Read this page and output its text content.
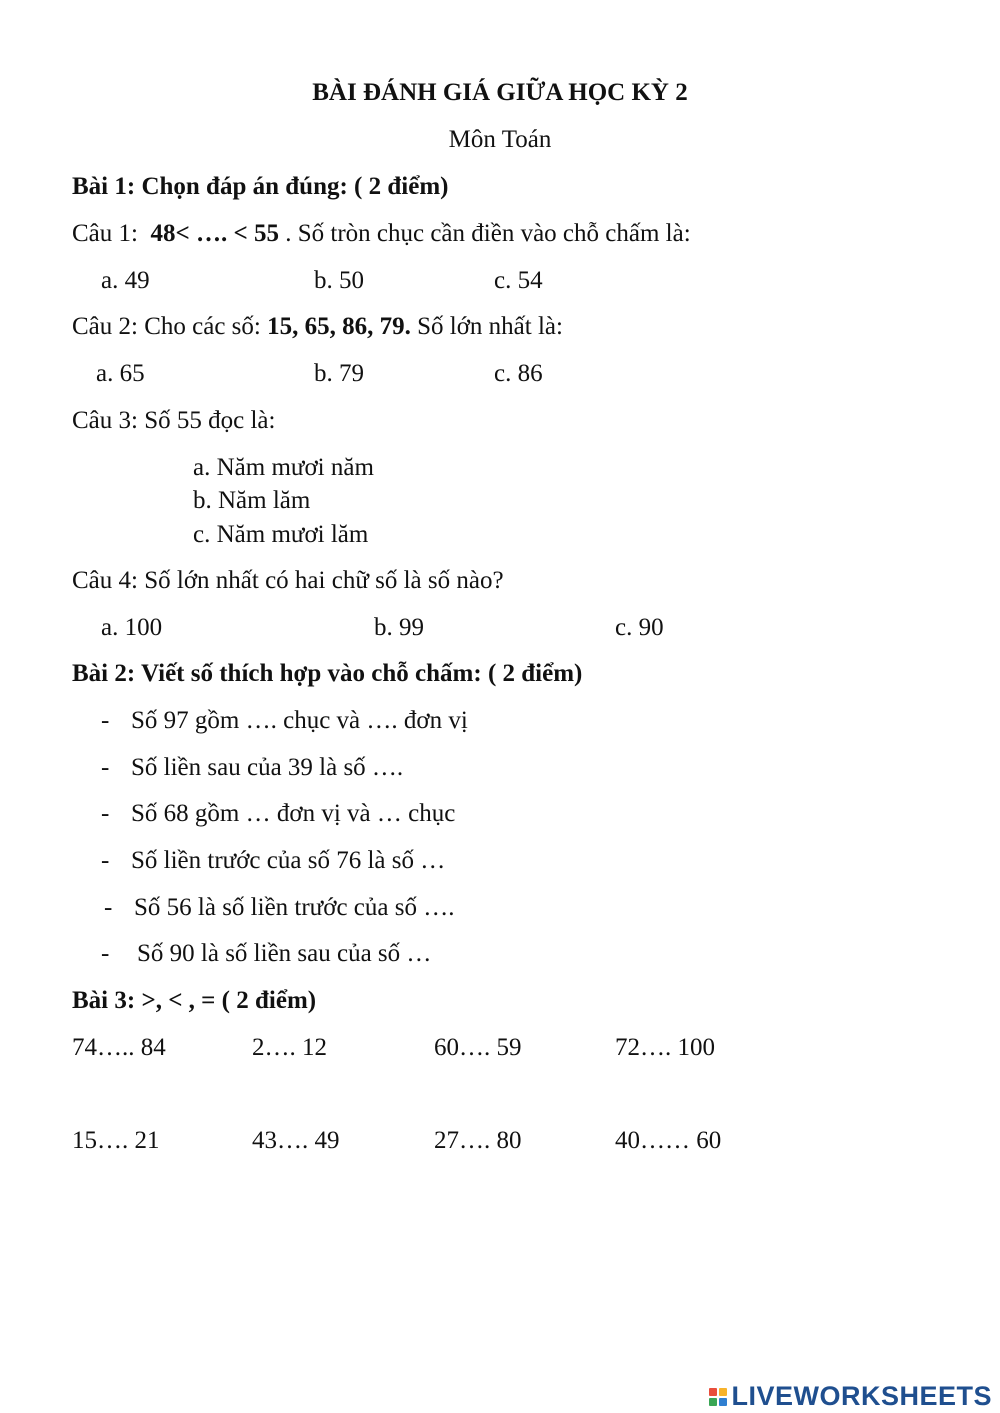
BÀI ĐÁNH GIÁ GIỮA HỌC KỲ 2
Môn Toán
Bài 1: Chọn đáp án đúng: ( 2 điểm)
Câu 1: 48< …. < 55 . Số tròn chục cần điền vào chỗ chấm là:
a. 49	b. 50	c. 54
Câu 2: Cho các số: 15, 65, 86, 79. Số lớn nhất là:
a. 65	b. 79	c. 86
Câu 3: Số 55 đọc là:
a. Năm mươi năm
b. Năm lăm
c. Năm mươi lăm
Câu 4: Số lớn nhất có hai chữ số là số nào?
a. 100	b. 99	c. 90
Bài 2: Viết số thích hợp vào chỗ chấm: ( 2 điểm)
- Số 97 gồm …. chục và …. đơn vị
- Số liền sau của 39 là số ….
- Số 68 gồm … đơn vị và … chục
- Số liền trước của số 76 là số …
- Số 56 là số liền trước của số ….
- Số 90 là số liền sau của số …
Bài 3: >, < , = ( 2 điểm)
74….. 84	2…. 12	60…. 59	72…. 100
15…. 21	43…. 49	27…. 80	40…… 60
LIVEWORKSHEETS
